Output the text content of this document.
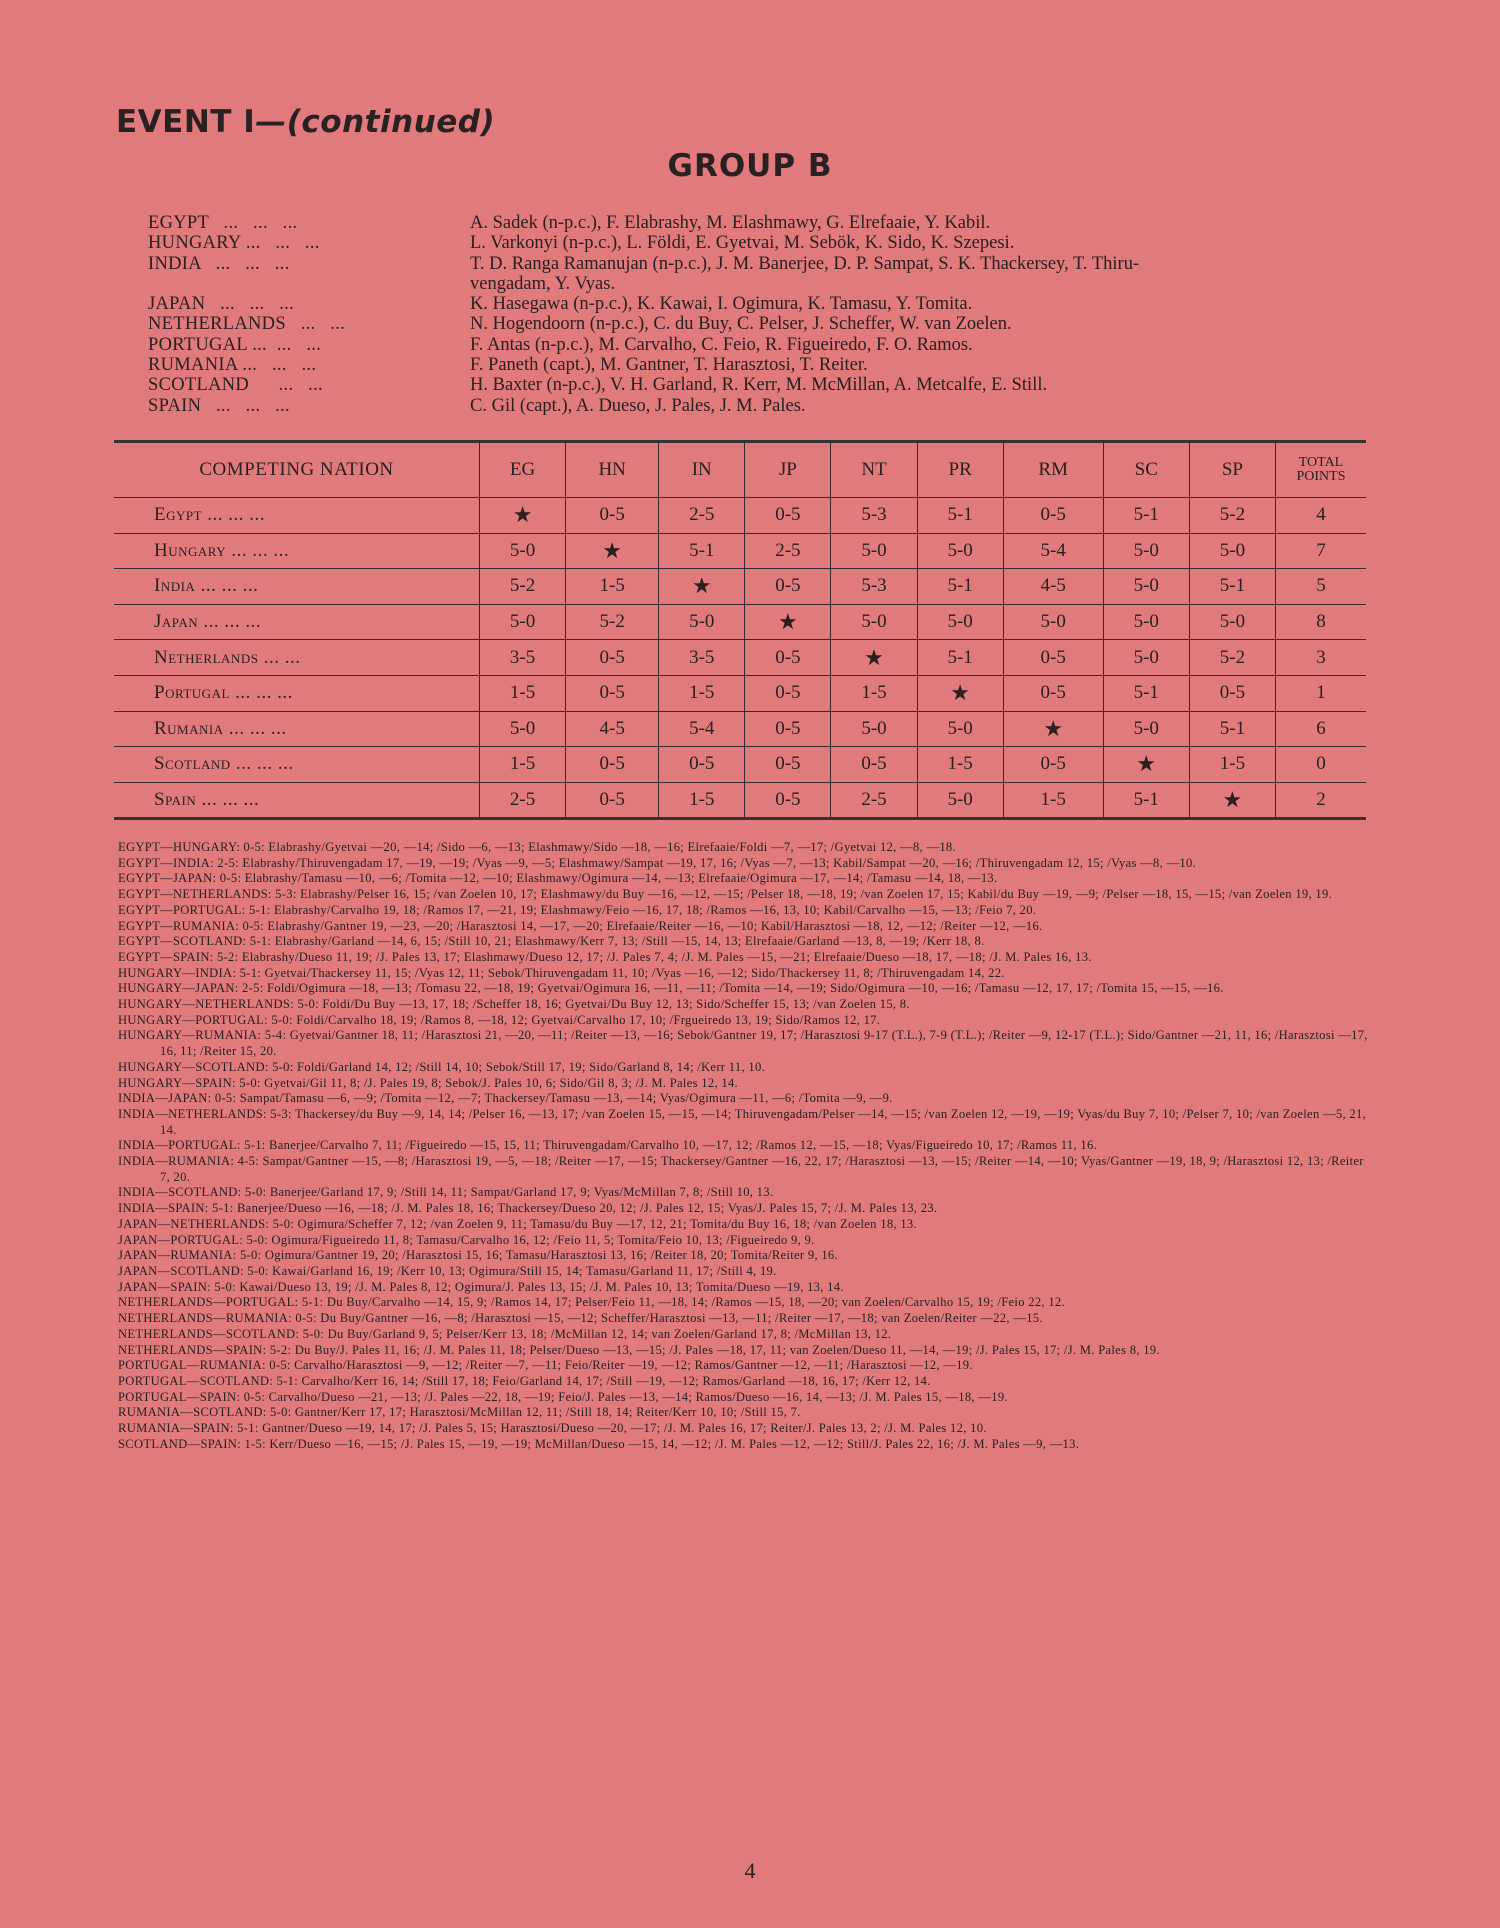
EVENT I—(continued)
GROUP B
EGYPT   ...   ...   ...	A. Sadek (n-p.c.), F. Elabrashy, M. Elashmawy, G. Elrefaaie, Y. Kabil.
HUNGARY ...   ...   ...	L. Varkonyi (n-p.c.), L. Földi, E. Gyetvai, M. Sebök, K. Sido, K. Szepesi.
INDIA   ...   ...   ...	T. D. Ranga Ramanujan (n-p.c.), J. M. Banerjee, D. P. Sampat, S. K. Thackersey, T. Thiru-
vengadam, Y. Vyas.
JAPAN   ...   ...   ...	K. Hasegawa (n-p.c.), K. Kawai, I. Ogimura, K. Tamasu, Y. Tomita.
NETHERLANDS   ...   ...	N. Hogendoorn (n-p.c.), C. du Buy, C. Pelser, J. Scheffer, W. van Zoelen.
PORTUGAL ...  ...   ...	F. Antas (n-p.c.), M. Carvalho, C. Feio, R. Figueiredo, F. O. Ramos.
RUMANIA ...   ...   ...	F. Paneth (capt.), M. Gantner, T. Harasztosi, T. Reiter.
SCOTLAND      ...   ...	H. Baxter (n-p.c.), V. H. Garland, R. Kerr, M. McMillan, A. Metcalfe, E. Still.
SPAIN   ...   ...   ...	C. Gil (capt.), A. Dueso, J. Pales, J. M. Pales.
COMPETING NATION	EG	HN	IN	JP	NT	PR	RM	SC	SP	TOTAL
POINTS
Egypt ... ... ...	★	0-5	2-5	0-5	5-3	5-1	0-5	5-1	5-2	4
Hungary ... ... ...	5-0	★	5-1	2-5	5-0	5-0	5-4	5-0	5-0	7
India ... ... ...	5-2	1-5	★	0-5	5-3	5-1	4-5	5-0	5-1	5
Japan ... ... ...	5-0	5-2	5-0	★	5-0	5-0	5-0	5-0	5-0	8
Netherlands ... ...	3-5	0-5	3-5	0-5	★	5-1	0-5	5-0	5-2	3
Portugal ... ... ...	1-5	0-5	1-5	0-5	1-5	★	0-5	5-1	0-5	1
Rumania ... ... ...	5-0	4-5	5-4	0-5	5-0	5-0	★	5-0	5-1	6
Scotland ... ... ...	1-5	0-5	0-5	0-5	0-5	1-5	0-5	★	1-5	0
Spain ... ... ...	2-5	0-5	1-5	0-5	2-5	5-0	1-5	5-1	★	2
EGYPT—HUNGARY: 0-5: Elabrashy/Gyetvai —20, —14; /Sido —6, —13; Elashmawy/Sido —18, —16; Elrefaaie/Foldi —7, —17; /Gyetvai 12, —8, —18.
EGYPT—INDIA: 2-5: Elabrashy/Thiruvengadam 17, —19, —19; /Vyas —9, —5; Elashmawy/Sampat —19, 17, 16; /Vyas —7, —13; Kabil/Sampat —20, —16; /Thiruvengadam 12, 15; /Vyas —8, —10.
EGYPT—JAPAN: 0-5: Elabrashy/Tamasu —10, —6; /Tomita —12, —10; Elashmawy/Ogimura —14, —13; Elrefaaie/Ogimura —17, —14; /Tamasu —14, 18, —13.
EGYPT—NETHERLANDS: 5-3: Elabrashy/Pelser 16, 15; /van Zoelen 10, 17; Elashmawy/du Buy —16, —12, —15; /Pelser 18, —18, 19; /van Zoelen 17, 15; Kabil/du Buy —19, —9; /Pelser —18, 15, —15; /van Zoelen 19, 19.
EGYPT—PORTUGAL: 5-1: Elabrashy/Carvalho 19, 18; /Ramos 17, —21, 19; Elashmawy/Feio —16, 17, 18; /Ramos —16, 13, 10; Kabil/Carvalho —15, —13; /Feio 7, 20.
EGYPT—RUMANIA: 0-5: Elabrashy/Gantner 19, —23, —20; /Harasztosi 14, —17, —20; Elrefaaie/Reiter —16, —10; Kabil/Harasztosi —18, 12, —12; /Reiter —12, —16.
EGYPT—SCOTLAND: 5-1: Elabrashy/Garland —14, 6, 15; /Still 10, 21; Elashmawy/Kerr 7, 13; /Still —15, 14, 13; Elrefaaie/Garland —13, 8, —19; /Kerr 18, 8.
EGYPT—SPAIN: 5-2: Elabrashy/Dueso 11, 19; /J. Pales 13, 17; Elashmawy/Dueso 12, 17; /J. Pales 7, 4; /J. M. Pales —15, —21; Elrefaaie/Dueso —18, 17, —18; /J. M. Pales 16, 13.
HUNGARY—INDIA: 5-1: Gyetvai/Thackersey 11, 15; /Vyas 12, 11; Sebok/Thiruvengadam 11, 10; /Vyas —16, —12; Sido/Thackersey 11, 8; /Thiruvengadam 14, 22.
HUNGARY—JAPAN: 2-5: Foldi/Ogimura —18, —13; /Tomasu 22, —18, 19; Gyetvai/Ogimura 16, —11, —11; /Tomita —14, —19; Sido/Ogimura —10, —16; /Tamasu —12, 17, 17; /Tomita 15, —15, —16.
HUNGARY—NETHERLANDS: 5-0: Foldi/Du Buy —13, 17, 18; /Scheffer 18, 16; Gyetvai/Du Buy 12, 13; Sido/Scheffer 15, 13; /van Zoelen 15, 8.
HUNGARY—PORTUGAL: 5-0: Foldi/Carvalho 18, 19; /Ramos 8, —18, 12; Gyetvai/Carvalho 17, 10; /Frgueiredo 13, 19; Sido/Ramos 12, 17.
HUNGARY—RUMANIA: 5-4: Gyetvai/Gantner 18, 11; /Harasztosi 21, —20, —11; /Reiter —13, —16; Sebok/Gantner 19, 17; /Harasztosi 9-17 (T.L.), 7-9 (T.L.); /Reiter —9, 12-17 (T.L.); Sido/Gantner —21, 11, 16; /Harasztosi —17, 16, 11; /Reiter 15, 20.
HUNGARY—SCOTLAND: 5-0: Foldi/Garland 14, 12; /Still 14, 10; Sebok/Still 17, 19; Sido/Garland 8, 14; /Kerr 11, 10.
HUNGARY—SPAIN: 5-0: Gyetvai/Gil 11, 8; /J. Pales 19, 8; Sebok/J. Pales 10, 6; Sido/Gil 8, 3; /J. M. Pales 12, 14.
INDIA—JAPAN: 0-5: Sampat/Tamasu —6, —9; /Tomita —12, —7; Thackersey/Tamasu —13, —14; Vyas/Ogimura —11, —6; /Tomita —9, —9.
INDIA—NETHERLANDS: 5-3: Thackersey/du Buy —9, 14, 14; /Pelser 16, —13, 17; /van Zoelen 15, —15, —14; Thiruvengadam/Pelser —14, —15; /van Zoelen 12, —19, —19; Vyas/du Buy 7, 10; /Pelser 7, 10; /van Zoelen —5, 21, 14.
INDIA—PORTUGAL: 5-1: Banerjee/Carvalho 7, 11; /Figueiredo —15, 15, 11; Thiruvengadam/Carvalho 10, —17, 12; /Ramos 12, —15, —18; Vyas/Figueiredo 10, 17; /Ramos 11, 16.
INDIA—RUMANIA: 4-5: Sampat/Gantner —15, —8; /Harasztosi 19, —5, —18; /Reiter —17, —15; Thackersey/Gantner —16, 22, 17; /Harasztosi —13, —15; /Reiter —14, —10; Vyas/Gantner —19, 18, 9; /Harasztosi 12, 13; /Reiter 7, 20.
INDIA—SCOTLAND: 5-0: Banerjee/Garland 17, 9; /Still 14, 11; Sampat/Garland 17, 9; Vyas/McMillan 7, 8; /Still 10, 13.
INDIA—SPAIN: 5-1: Banerjee/Dueso —16, —18; /J. M. Pales 18, 16; Thackersey/Dueso 20, 12; /J. Pales 12, 15; Vyas/J. Pales 15, 7; /J. M. Pales 13, 23.
JAPAN—NETHERLANDS: 5-0: Ogimura/Scheffer 7, 12; /van Zoelen 9, 11; Tamasu/du Buy —17, 12, 21; Tomita/du Buy 16, 18; /van Zoelen 18, 13.
JAPAN—PORTUGAL: 5-0: Ogimura/Figueiredo 11, 8; Tamasu/Carvalho 16, 12; /Feio 11, 5; Tomita/Feio 10, 13; /Figueiredo 9, 9.
JAPAN—RUMANIA: 5-0: Ogimura/Gantner 19, 20; /Harasztosi 15, 16; Tamasu/Harasztosi 13, 16; /Reiter 18, 20; Tomita/Reiter 9, 16.
JAPAN—SCOTLAND: 5-0: Kawai/Garland 16, 19; /Kerr 10, 13; Ogimura/Still 15, 14; Tamasu/Garland 11, 17; /Still 4, 19.
JAPAN—SPAIN: 5-0: Kawai/Dueso 13, 19; /J. M. Pales 8, 12; Ogimura/J. Pales 13, 15; /J. M. Pales 10, 13; Tomita/Dueso —19, 13, 14.
NETHERLANDS—PORTUGAL: 5-1: Du Buy/Carvalho —14, 15, 9; /Ramos 14, 17; Pelser/Feio 11, —18, 14; /Ramos —15, 18, —20; van Zoelen/Carvalho 15, 19; /Feio 22, 12.
NETHERLANDS—RUMANIA: 0-5: Du Buy/Gantner —16, —8; /Harasztosi —15, —12; Scheffer/Harasztosi —13, —11; /Reiter —17, —18; van Zoelen/Reiter —22, —15.
NETHERLANDS—SCOTLAND: 5-0: Du Buy/Garland 9, 5; Pelser/Kerr 13, 18; /McMillan 12, 14; van Zoelen/Garland 17, 8; /McMillan 13, 12.
NETHERLANDS—SPAIN: 5-2: Du Buy/J. Pales 11, 16; /J. M. Pales 11, 18; Pelser/Dueso —13, —15; /J. Pales —18, 17, 11; van Zoelen/Dueso 11, —14, —19; /J. Pales 15, 17; /J. M. Pales 8, 19.
PORTUGAL—RUMANIA: 0-5: Carvalho/Harasztosi —9, —12; /Reiter —7, —11; Feio/Reiter —19, —12; Ramos/Gantner —12, —11; /Harasztosi —12, —19.
PORTUGAL—SCOTLAND: 5-1: Carvalho/Kerr 16, 14; /Still 17, 18; Feio/Garland 14, 17; /Still —19, —12; Ramos/Garland —18, 16, 17; /Kerr 12, 14.
PORTUGAL—SPAIN: 0-5: Carvalho/Dueso —21, —13; /J. Pales —22, 18, —19; Feio/J. Pales —13, —14; Ramos/Dueso —16, 14, —13; /J. M. Pales 15, —18, —19.
RUMANIA—SCOTLAND: 5-0: Gantner/Kerr 17, 17; Harasztosi/McMillan 12, 11; /Still 18, 14; Reiter/Kerr 10, 10; /Still 15, 7.
RUMANIA—SPAIN: 5-1: Gantner/Dueso —19, 14, 17; /J. Pales 5, 15; Harasztosi/Dueso —20, —17; /J. M. Pales 16, 17; Reiter/J. Pales 13, 2; /J. M. Pales 12, 10.
SCOTLAND—SPAIN: 1-5: Kerr/Dueso —16, —15; /J. Pales 15, —19, —19; McMillan/Dueso —15, 14, —12; /J. M. Pales —12, —12; Still/J. Pales 22, 16; /J. M. Pales —9, —13.
4
